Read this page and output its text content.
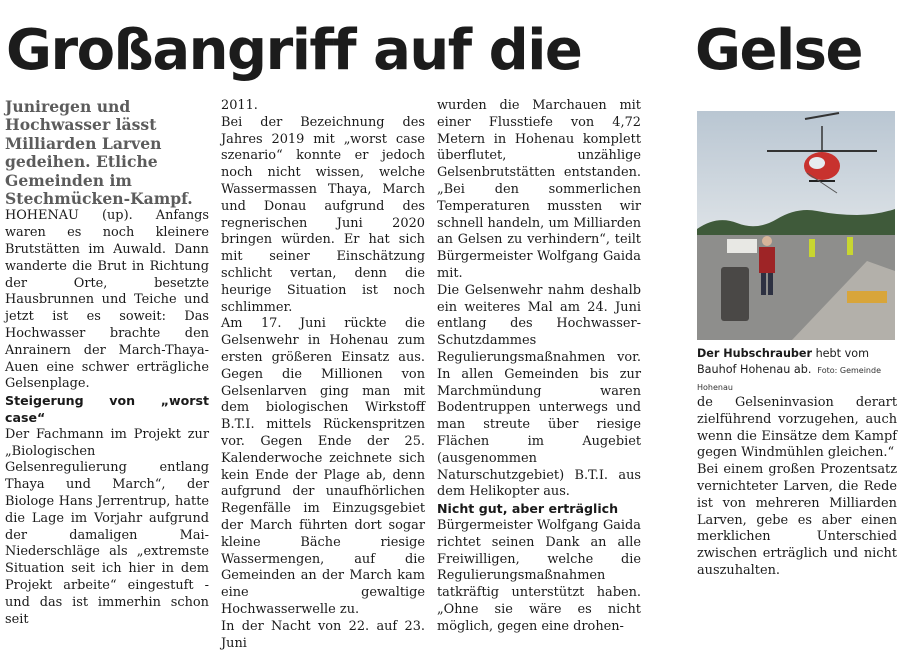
Großangriff auf die Gelse

Juniregen und Hochwasser lässt Milliarden Larven gedeihen. Etliche Gemeinden im Stechmücken-Kampf.

HOHENAU (up). Anfangs waren es noch kleinere Brutstätten im Auwald. Dann wanderte die Brut in Richtung der Orte, besetzte Hausbrunnen und Teiche und jetzt ist es soweit: Das Hochwasser brachte den Anrainern der March-Thaya-Auen eine schwer erträgliche Gelsenplage.

Steigerung von „worst case“

Der Fachmann im Projekt zur „Biologischen Gelsenregulierung entlang Thaya und March“, der Biologe Hans Jerrentrup, hatte die Lage im Vorjahr aufgrund der damaligen Mai-Niederschläge als „extremste Situation seit ich hier in dem Projekt arbeite“ eingestuft - und das ist immerhin schon seit

2011.

Bei der Bezeichnung des Jahres 2019 mit „worst case szenario“ konnte er jedoch noch nicht wissen, welche Wassermassen Thaya, March und Donau aufgrund des regnerischen Juni 2020 bringen würden. Er hat sich mit seiner Einschätzung schlicht vertan, denn die heurige Situation ist noch schlimmer.

Am 17. Juni rückte die Gelsenwehr in Hohenau zum ersten größeren Einsatz aus. Gegen die Millionen von Gelsenlarven ging man mit dem biologischen Wirkstoff B.T.I. mittels Rückenspritzen vor. Gegen Ende der 25. Kalenderwoche zeichnete sich kein Ende der Plage ab, denn aufgrund der unaufhörlichen Regenfälle im Einzugsgebiet der March führten dort sogar kleine Bäche riesige Wassermengen, auf die Gemeinden an der March kam eine gewaltige Hochwasserwelle zu.

In der Nacht von 22. auf 23. Juni

wurden die Marchauen mit einer Flusstiefe von 4,72 Metern in Hohenau komplett überflutet, unzählige Gelsenbrutstätten entstanden. „Bei den sommerlichen Temperaturen mussten wir schnell handeln, um Milliarden an Gelsen zu verhindern“, teilt Bürgermeister Wolfgang Gaida mit.

Die Gelsenwehr nahm deshalb ein weiteres Mal am 24. Juni entlang des Hochwasser-Schutzdammes Regulierungsmaßnahmen vor. In allen Gemeinden bis zur Marchmündung waren Bodentruppen unterwegs und man streute über riesige Flächen im Augebiet (ausgenommen Naturschutzgebiet) B.T.I. aus dem Helikopter aus.

Nicht gut, aber erträglich

Bürgermeister Wolfgang Gaida richtet seinen Dank an alle Freiwilligen, welche die Regulierungsmaßnahmen tatkräftig unterstützt haben. „Ohne sie wäre es nicht möglich, gegen eine drohen-

Der Hubschrauber hebt vom Bauhof Hohenau ab. Foto: Gemeinde Hohenau

de Gelseninvasion derart zielführend vorzugehen, auch wenn die Einsätze dem Kampf gegen Windmühlen gleichen.“

Bei einem großen Prozentsatz vernichteter Larven, die Rede ist von mehreren Milliarden Larven, gebe es aber einen merklichen Unterschied zwischen erträglich und nicht auszuhalten.
